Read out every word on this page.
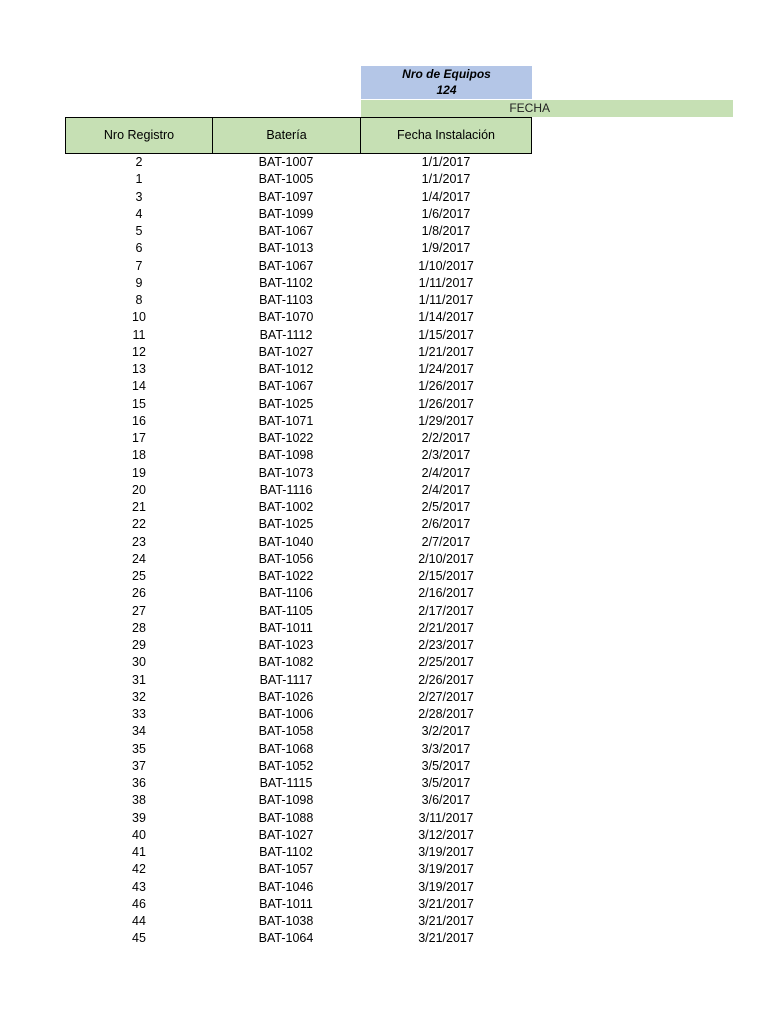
Nro de Equipos
124
FECHA
Nro Registro	Batería	Fecha Instalación
2	BAT-1007	1/1/2017
1	BAT-1005	1/1/2017
3	BAT-1097	1/4/2017
4	BAT-1099	1/6/2017
5	BAT-1067	1/8/2017
6	BAT-1013	1/9/2017
7	BAT-1067	1/10/2017
9	BAT-1102	1/11/2017
8	BAT-1103	1/11/2017
10	BAT-1070	1/14/2017
11	BAT-1112	1/15/2017
12	BAT-1027	1/21/2017
13	BAT-1012	1/24/2017
14	BAT-1067	1/26/2017
15	BAT-1025	1/26/2017
16	BAT-1071	1/29/2017
17	BAT-1022	2/2/2017
18	BAT-1098	2/3/2017
19	BAT-1073	2/4/2017
20	BAT-1116	2/4/2017
21	BAT-1002	2/5/2017
22	BAT-1025	2/6/2017
23	BAT-1040	2/7/2017
24	BAT-1056	2/10/2017
25	BAT-1022	2/15/2017
26	BAT-1106	2/16/2017
27	BAT-1105	2/17/2017
28	BAT-1011	2/21/2017
29	BAT-1023	2/23/2017
30	BAT-1082	2/25/2017
31	BAT-1117	2/26/2017
32	BAT-1026	2/27/2017
33	BAT-1006	2/28/2017
34	BAT-1058	3/2/2017
35	BAT-1068	3/3/2017
37	BAT-1052	3/5/2017
36	BAT-1115	3/5/2017
38	BAT-1098	3/6/2017
39	BAT-1088	3/11/2017
40	BAT-1027	3/12/2017
41	BAT-1102	3/19/2017
42	BAT-1057	3/19/2017
43	BAT-1046	3/19/2017
46	BAT-1011	3/21/2017
44	BAT-1038	3/21/2017
45	BAT-1064	3/21/2017
